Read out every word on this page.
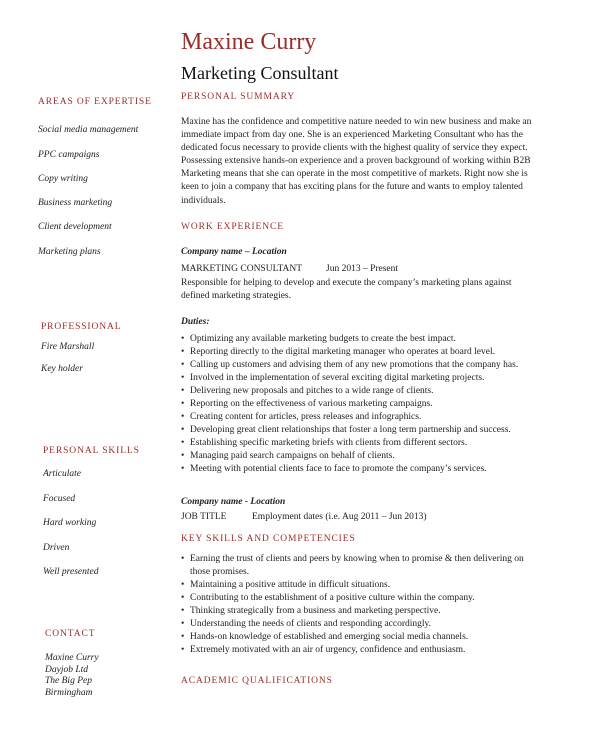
Maxine Curry
Marketing Consultant
AREAS OF EXPERTISE
Social media management
PPC campaigns
Copy writing
Business marketing
Client development
Marketing plans
PROFESSIONAL
Fire Marshall
Key holder
PERSONAL SKILLS
Articulate
Focused
Hard working
Driven
Well presented
CONTACT
Maxine Curry
Dayjob Ltd
The Big Pep
Birmingham
PERSONAL SUMMARY
Maxine has the confidence and competitive nature needed to win new business and make an immediate impact from day one. She is an experienced Marketing Consultant who has the dedicated focus necessary to provide clients with the highest quality of service they expect. Possessing extensive hands-on experience and a proven background of working within B2B Marketing means that she can operate in the most competitive of markets. Right now she is keen to join a company that has exciting plans for the future and wants to employ talented individuals.
WORK EXPERIENCE
Company name – Location
MARKETING CONSULTANT	Jun 2013 – Present
Responsible for helping to develop and execute the company’s marketing plans against defined marketing strategies.
Duties:
• Optimizing any available marketing budgets to create the best impact.
• Reporting directly to the digital marketing manager who operates at board level.
• Calling up customers and advising them of any new promotions that the company has.
• Involved in the implementation of several exciting digital marketing projects.
• Delivering new proposals and pitches to a wide range of clients.
• Reporting on the effectiveness of various marketing campaigns.
• Creating content for articles, press releases and infographics.
• Developing great client relationships that foster a long term partnership and success.
• Establishing specific marketing briefs with clients from different sectors.
• Managing paid search campaigns on behalf of clients.
• Meeting with potential clients face to face to promote the company’s services.
Company name - Location
JOB TITLE	Employment dates (i.e. Aug 2011 – Jun 2013)
KEY SKILLS AND COMPETENCIES
• Earning the trust of clients and peers by knowing when to promise & then delivering on those promises.
• Maintaining a positive attitude in difficult situations.
• Contributing to the establishment of a positive culture within the company.
• Thinking strategically from a business and marketing perspective.
• Understanding the needs of clients and responding accordingly.
• Hands-on knowledge of established and emerging social media channels.
• Extremely motivated with an air of urgency, confidence and enthusiasm.
ACADEMIC QUALIFICATIONS
